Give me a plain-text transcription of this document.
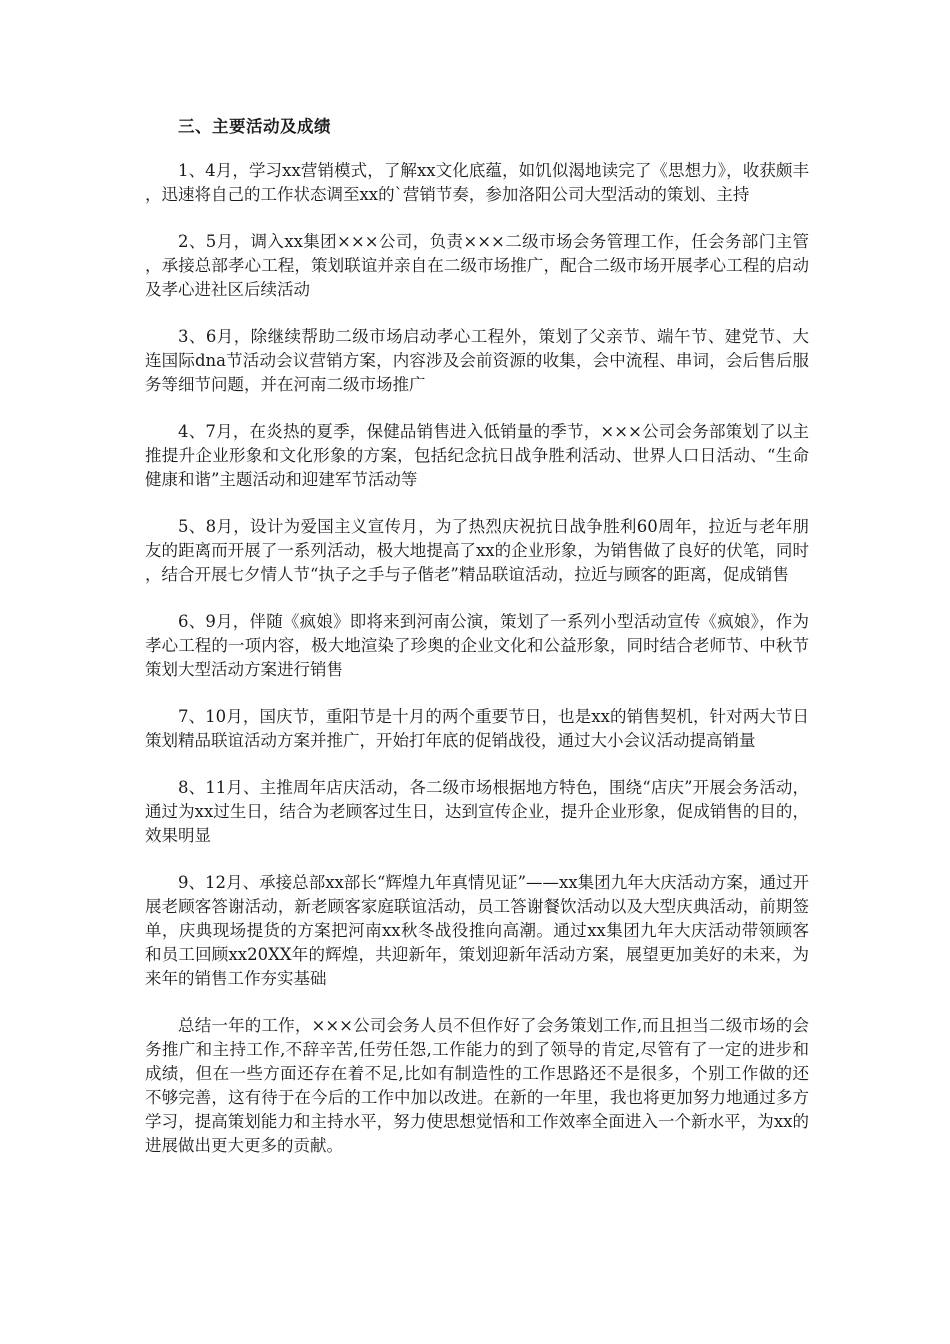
三、主要活动及成绩

1、4月，学习xx营销模式，了解xx文化底蕴，如饥似渴地读完了《思想力》，收获颇丰，迅速将自己的工作状态调至xx的`营销节奏，参加洛阳公司大型活动的策划、主持

2、5月，调入xx集团×××公司，负责×××二级市场会务管理工作，任会务部门主管，承接总部孝心工程，策划联谊并亲自在二级市场推广，配合二级市场开展孝心工程的启动及孝心进社区后续活动

3、6月，除继续帮助二级市场启动孝心工程外，策划了父亲节、端午节、建党节、大连国际dna节活动会议营销方案，内容涉及会前资源的收集，会中流程、串词，会后售后服务等细节问题，并在河南二级市场推广

4、7月，在炎热的夏季，保健品销售进入低销量的季节，×××公司会务部策划了以主推提升企业形象和文化形象的方案，包括纪念抗日战争胜利活动、世界人口日活动、“生命健康和谐”主题活动和迎建军节活动等

5、8月，设计为爱国主义宣传月，为了热烈庆祝抗日战争胜利60周年，拉近与老年朋友的距离而开展了一系列活动，极大地提高了xx的企业形象，为销售做了良好的伏笔，同时，结合开展七夕情人节“执子之手与子偕老”精品联谊活动，拉近与顾客的距离，促成销售

6、9月，伴随《疯娘》即将来到河南公演，策划了一系列小型活动宣传《疯娘》，作为孝心工程的一项内容，极大地渲染了珍奥的企业文化和公益形象，同时结合老师节、中秋节策划大型活动方案进行销售

7、10月，国庆节，重阳节是十月的两个重要节日，也是xx的销售契机，针对两大节日策划精品联谊活动方案并推广，开始打年底的促销战役，通过大小会议活动提高销量

8、11月、主推周年店庆活动，各二级市场根据地方特色，围绕“店庆”开展会务活动，通过为xx过生日，结合为老顾客过生日，达到宣传企业，提升企业形象，促成销售的目的，效果明显

9、12月、承接总部xx部长“辉煌九年真情见证”——xx集团九年大庆活动方案，通过开展老顾客答谢活动，新老顾客家庭联谊活动，员工答谢餐饮活动以及大型庆典活动，前期签单，庆典现场提货的方案把河南xx秋冬战役推向高潮。通过xx集团九年大庆活动带领顾客和员工回顾xx20XX年的辉煌，共迎新年，策划迎新年活动方案，展望更加美好的未来，为来年的销售工作夯实基础

总结一年的工作，×××公司会务人员不但作好了会务策划工作,而且担当二级市场的会务推广和主持工作,不辞辛苦,任劳任怨,工作能力的到了领导的肯定,尽管有了一定的进步和成绩，但在一些方面还存在着不足,比如有制造性的工作思路还不是很多，个别工作做的还不够完善，这有待于在今后的工作中加以改进。在新的一年里，我也将更加努力地通过多方学习，提高策划能力和主持水平，努力使思想觉悟和工作效率全面进入一个新水平，为xx的进展做出更大更多的贡献。
